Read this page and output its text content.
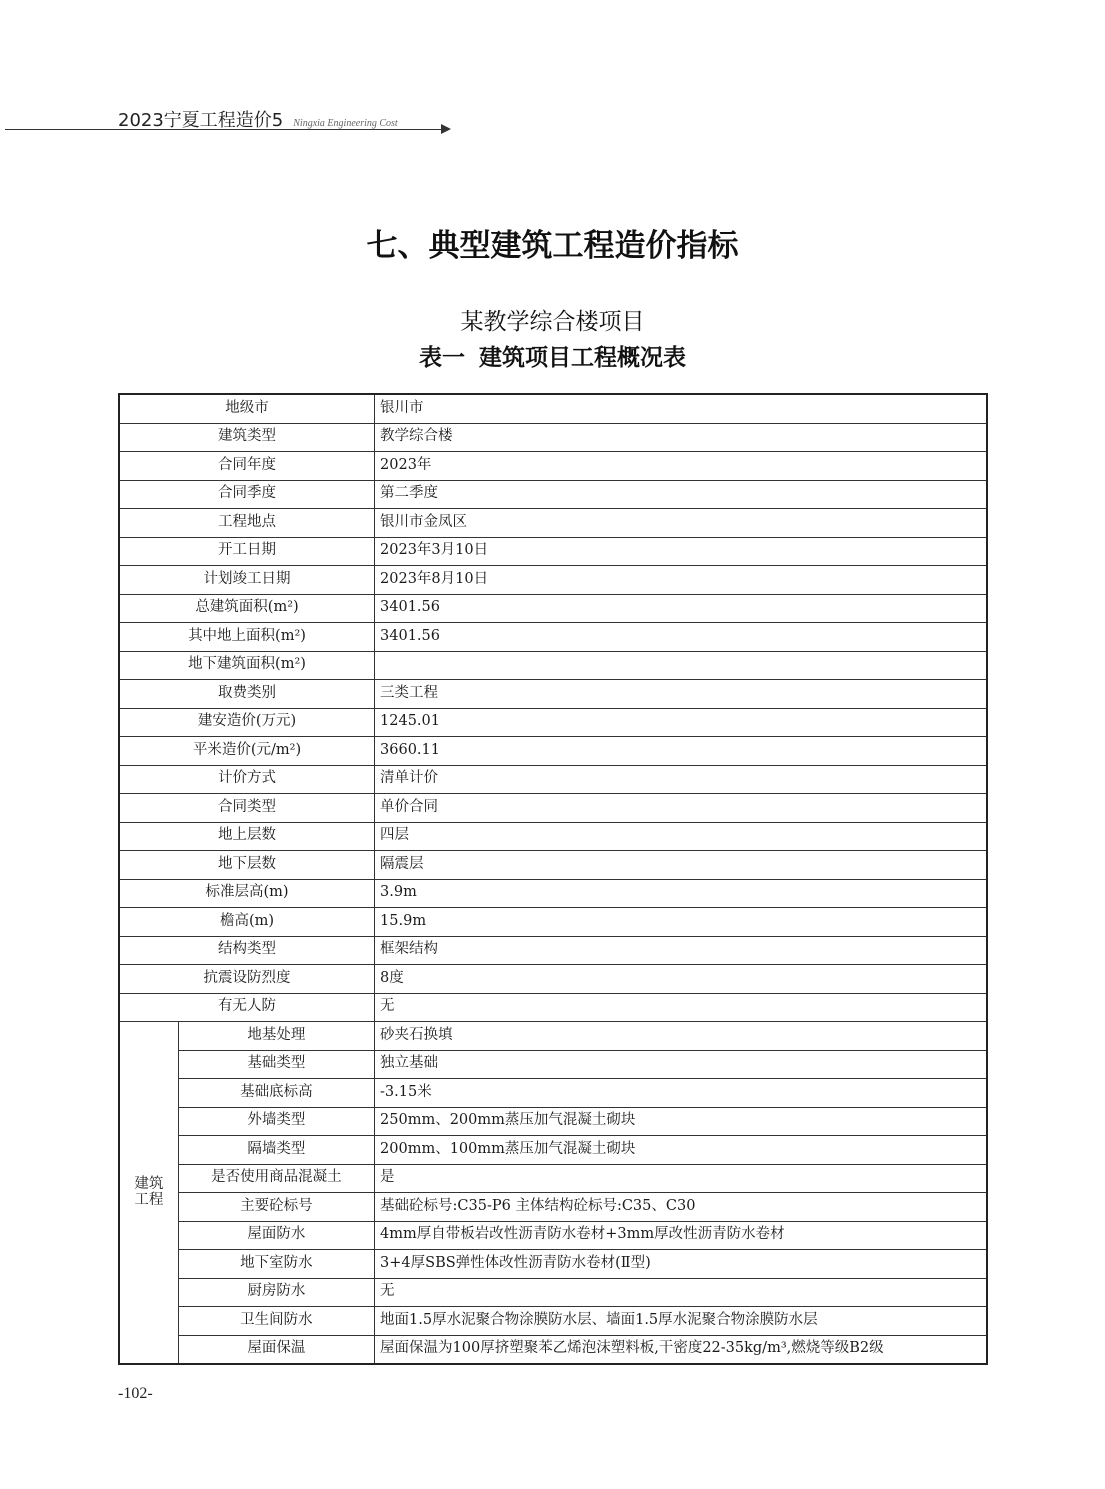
2023宁夏工程造价5 Ningxia Engineering Cost
七、典型建筑工程造价指标
某教学综合楼项目
表一 建筑项目工程概况表
地级市		银川市
建筑类型		教学综合楼
合同年度		2023年
合同季度		第二季度
工程地点		银川市金凤区
开工日期		2023年3月10日
计划竣工日期		2023年8月10日
总建筑面积(m²)		3401.56
其中地上面积(m²)		3401.56
地下建筑面积(m²)		
取费类别		三类工程
建安造价(万元)		1245.01
平米造价(元/m²)		3660.11
计价方式		清单计价
合同类型		单价合同
地上层数		四层
地下层数		隔震层
标准层高(m)		3.9m
檐高(m)		15.9m
结构类型		框架结构
抗震设防烈度		8度
有无人防		无

建筑
工程	地基处理	砂夹石换填
	基础类型	独立基础
	基础底标高	-3.15米
	外墙类型	250mm、200mm蒸压加气混凝土砌块
	隔墙类型	200mm、100mm蒸压加气混凝土砌块
	是否使用商品混凝土	是
	主要砼标号	基础砼标号:C35-P6 主体结构砼标号:C35、C30
	屋面防水	4mm厚自带板岩改性沥青防水卷材+3mm厚改性沥青防水卷材
	地下室防水	3+4厚SBS弹性体改性沥青防水卷材(Ⅱ型)
	厨房防水	无
	卫生间防水	地面1.5厚水泥聚合物涂膜防水层、墙面1.5厚水泥聚合物涂膜防水层
	屋面保温	屋面保温为100厚挤塑聚苯乙烯泡沫塑料板,干密度22-35kg/m³,燃烧等级B2级
-102-
